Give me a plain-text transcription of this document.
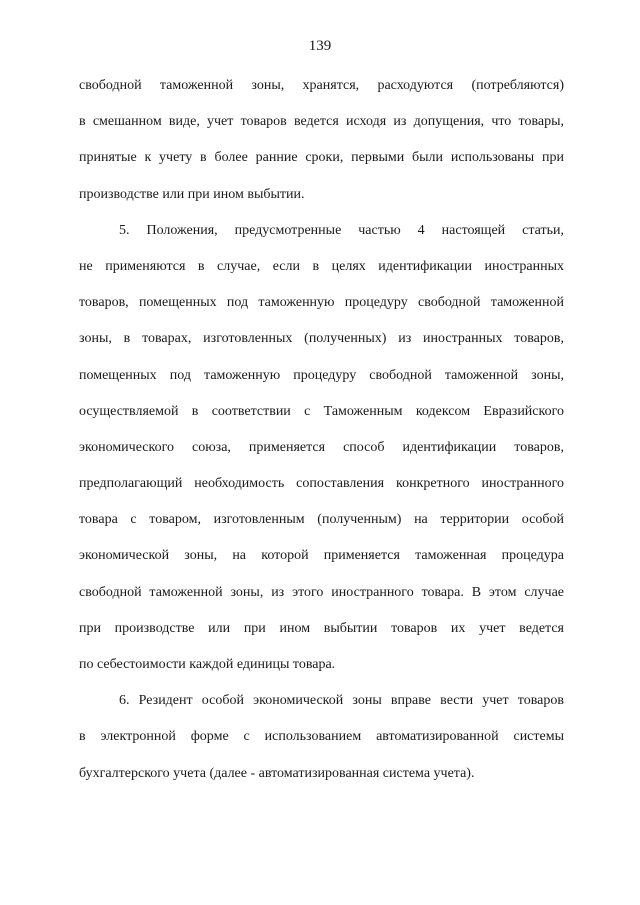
139
свободной таможенной зоны, хранятся, расходуются (потребляются)
в смешанном виде, учет товаров ведется исходя из допущения, что товары,
принятые к учету в более ранние сроки, первыми были использованы при
производстве или при ином выбытии.
5. Положения, предусмотренные частью 4 настоящей статьи,
не применяются в случае, если в целях идентификации иностранных
товаров, помещенных под таможенную процедуру свободной таможенной
зоны, в товарах, изготовленных (полученных) из иностранных товаров,
помещенных под таможенную процедуру свободной таможенной зоны,
осуществляемой в соответствии с Таможенным кодексом Евразийского
экономического союза, применяется способ идентификации товаров,
предполагающий необходимость сопоставления конкретного иностранного
товара с товаром, изготовленным (полученным) на территории особой
экономической зоны, на которой применяется таможенная процедура
свободной таможенной зоны, из этого иностранного товара. В этом случае
при производстве или при ином выбытии товаров их учет ведется
по себестоимости каждой единицы товара.
6. Резидент особой экономической зоны вправе вести учет товаров
в электронной форме с использованием автоматизированной системы
бухгалтерского учета (далее - автоматизированная система учета).
